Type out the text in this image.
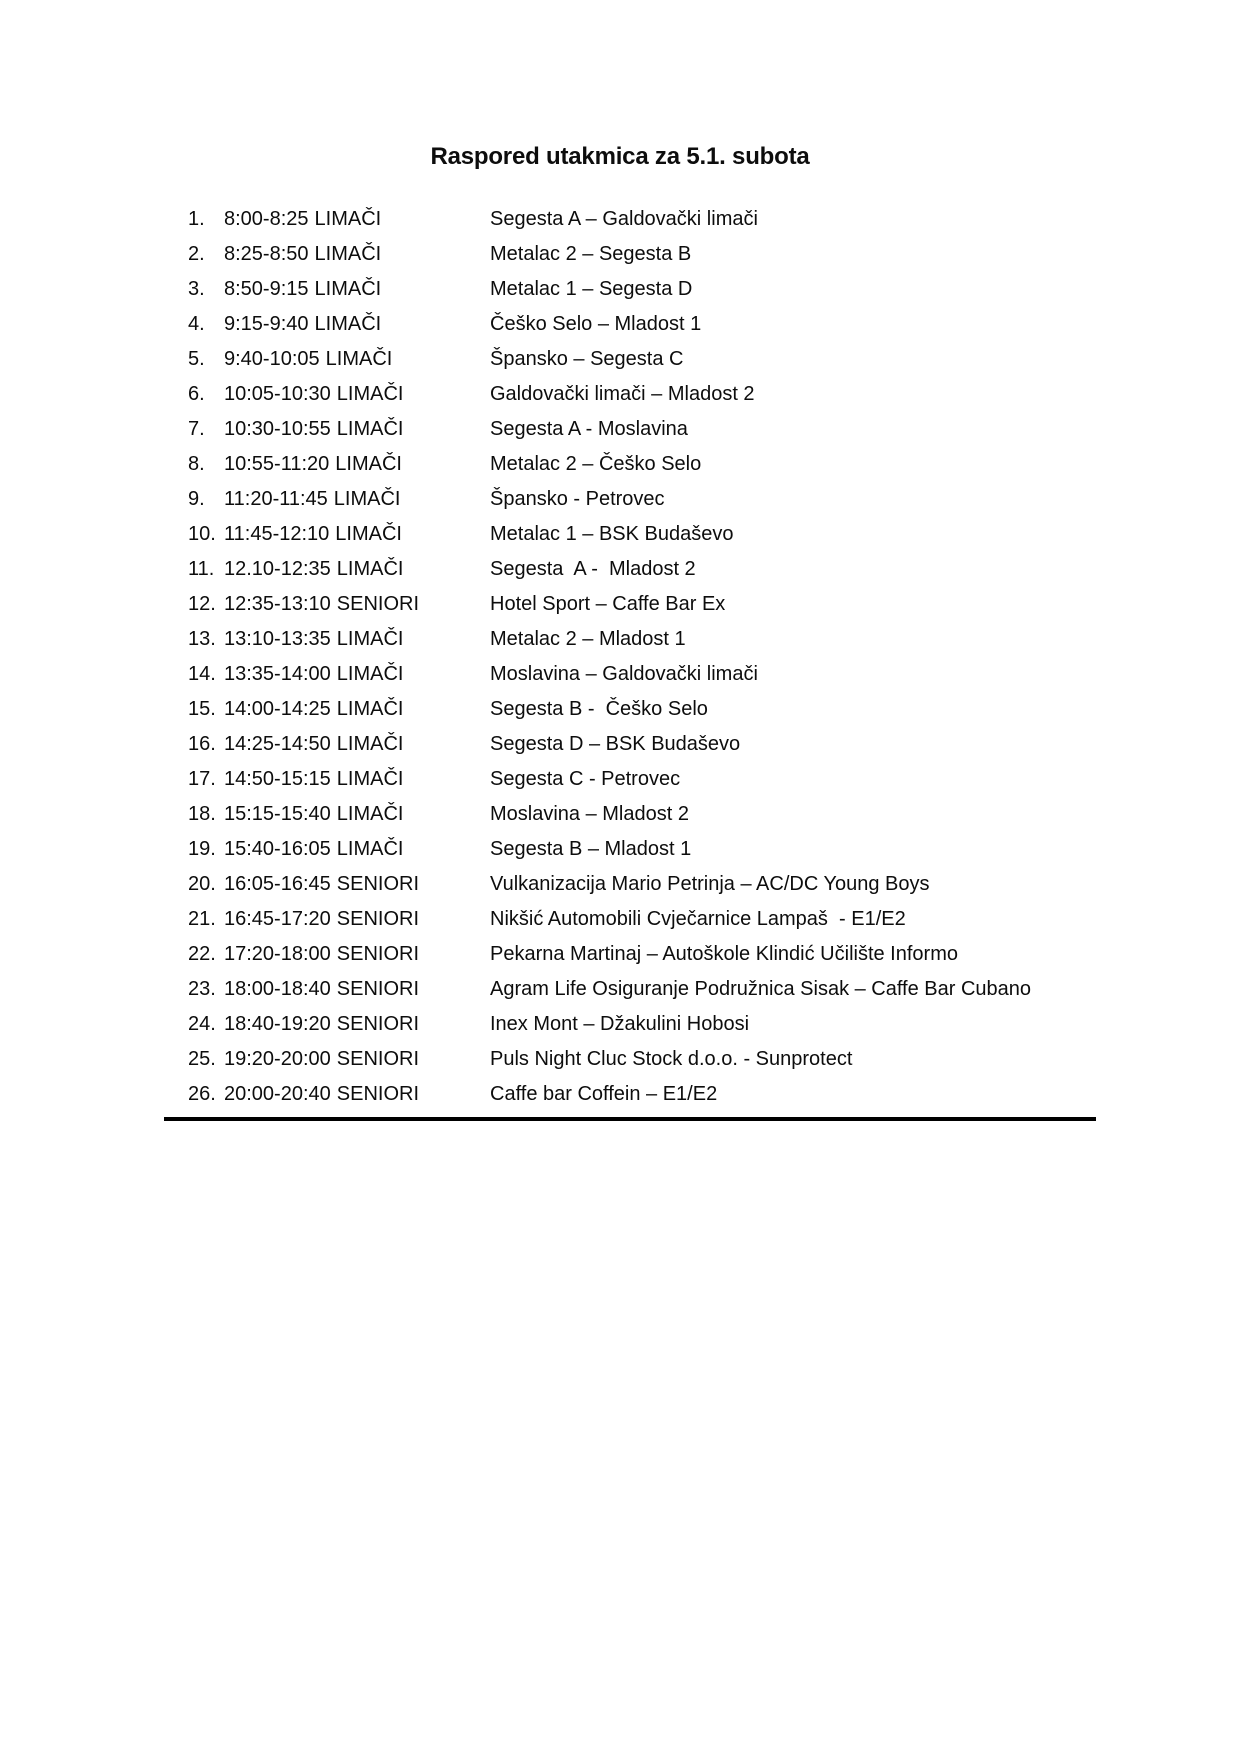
Raspored utakmica za 5.1. subota
1. 8:00-8:25 LIMAČI	Segesta A – Galdovački limači
2. 8:25-8:50 LIMAČI	Metalac 2 – Segesta B
3. 8:50-9:15 LIMAČI	Metalac 1 – Segesta D
4. 9:15-9:40 LIMAČI	Češko Selo – Mladost 1
5. 9:40-10:05 LIMAČI	Špansko – Segesta C
6. 10:05-10:30 LIMAČI	Galdovački limači – Mladost 2
7. 10:30-10:55 LIMAČI	Segesta A - Moslavina
8. 10:55-11:20 LIMAČI	Metalac 2 – Češko Selo
9. 11:20-11:45 LIMAČI	Špansko - Petrovec
10. 11:45-12:10 LIMAČI	Metalac 1 – BSK Budaševo
11. 12.10-12:35 LIMAČI	Segesta  A -  Mladost 2
12. 12:35-13:10 SENIORI	Hotel Sport – Caffe Bar Ex
13. 13:10-13:35 LIMAČI	Metalac 2 – Mladost 1
14. 13:35-14:00 LIMAČI	Moslavina – Galdovački limači
15. 14:00-14:25 LIMAČI	Segesta B -  Češko Selo
16. 14:25-14:50 LIMAČI	Segesta D – BSK Budaševo
17. 14:50-15:15 LIMAČI	Segesta C - Petrovec
18. 15:15-15:40 LIMAČI	Moslavina – Mladost 2
19. 15:40-16:05 LIMAČI	Segesta B – Mladost 1
20. 16:05-16:45 SENIORI	Vulkanizacija Mario Petrinja – AC/DC Young Boys
21. 16:45-17:20 SENIORI	Nikšić Automobili Cvječarnice Lampaš  - E1/E2
22. 17:20-18:00 SENIORI	Pekarna Martinaj – Autoškole Klindić Učilište Informo
23. 18:00-18:40 SENIORI	Agram Life Osiguranje Podružnica Sisak – Caffe Bar Cubano
24. 18:40-19:20 SENIORI	Inex Mont – Džakulini Hobosi
25. 19:20-20:00 SENIORI	Puls Night Cluc Stock d.o.o. - Sunprotect
26. 20:00-20:40 SENIORI	Caffe bar Coffein – E1/E2
